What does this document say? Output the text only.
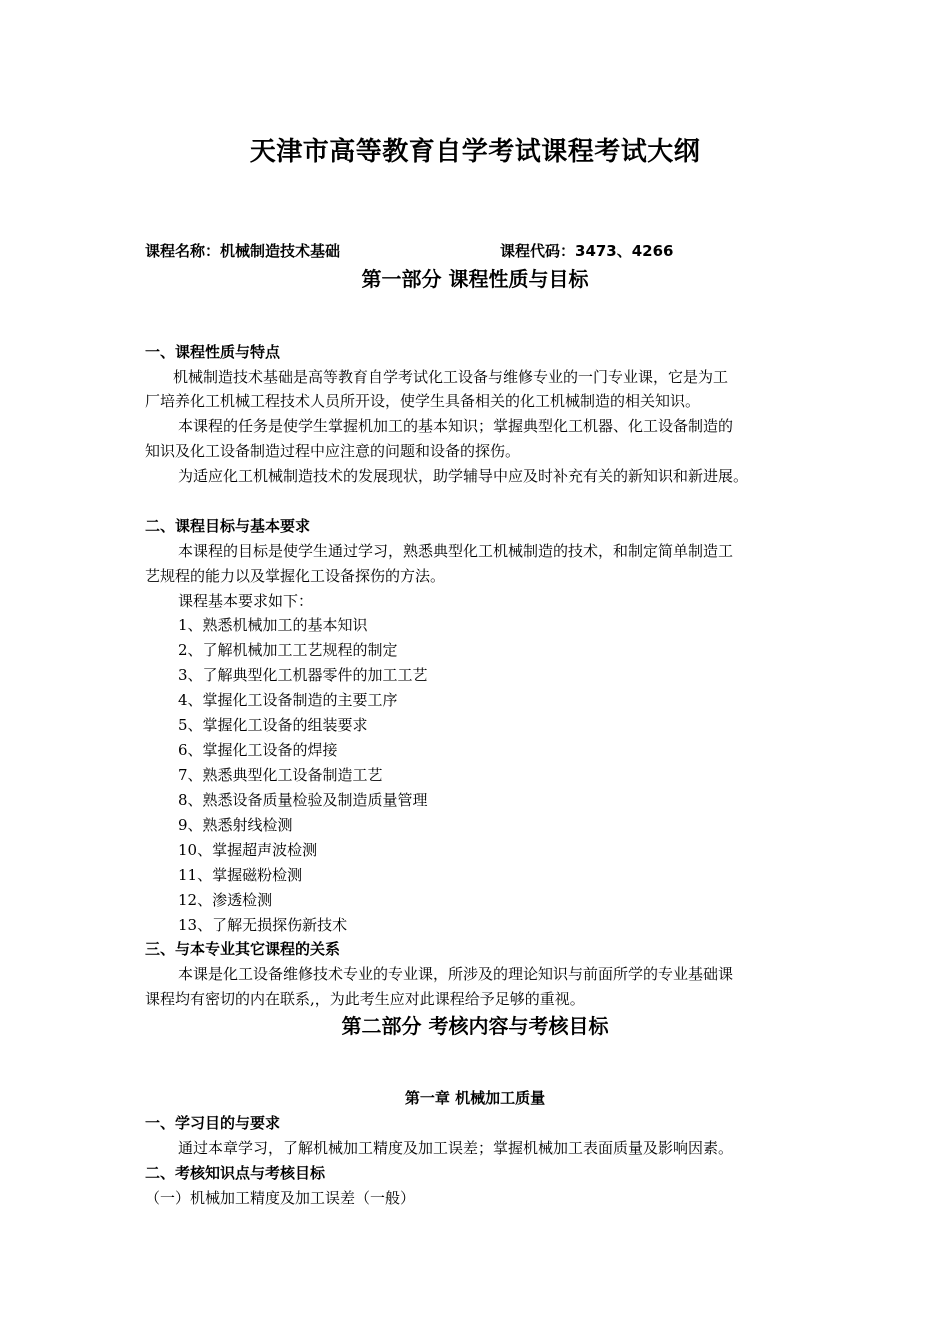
天津市高等教育自学考试课程考试大纲
课程名称：机械制造技术基础	课程代码：3473、4266
第一部分 课程性质与目标
一、课程性质与特点
机械制造技术基础是高等教育自学考试化工设备与维修专业的一门专业课，它是为工
厂培养化工机械工程技术人员所开设，使学生具备相关的化工机械制造的相关知识。
本课程的任务是使学生掌握机加工的基本知识；掌握典型化工机器、化工设备制造的
知识及化工设备制造过程中应注意的问题和设备的探伤。
为适应化工机械制造技术的发展现状，助学辅导中应及时补充有关的新知识和新进展。
二、课程目标与基本要求
本课程的目标是使学生通过学习，熟悉典型化工机械制造的技术，和制定简单制造工
艺规程的能力以及掌握化工设备探伤的方法。
课程基本要求如下：
1、熟悉机械加工的基本知识
2、了解机械加工工艺规程的制定
3、了解典型化工机器零件的加工工艺
4、掌握化工设备制造的主要工序
5、掌握化工设备的组装要求
6、掌握化工设备的焊接
7、熟悉典型化工设备制造工艺
8、熟悉设备质量检验及制造质量管理
9、熟悉射线检测
10、掌握超声波检测
11、掌握磁粉检测
12、渗透检测
13、了解无损探伤新技术
三、与本专业其它课程的关系
本课是化工设备维修技术专业的专业课，所涉及的理论知识与前面所学的专业基础课
课程均有密切的内在联系,，为此考生应对此课程给予足够的重视。
第二部分 考核内容与考核目标
第一章 机械加工质量
一、学习目的与要求
通过本章学习，了解机械加工精度及加工误差；掌握机械加工表面质量及影响因素。
二、考核知识点与考核目标
（一）机械加工精度及加工误差（一般）
